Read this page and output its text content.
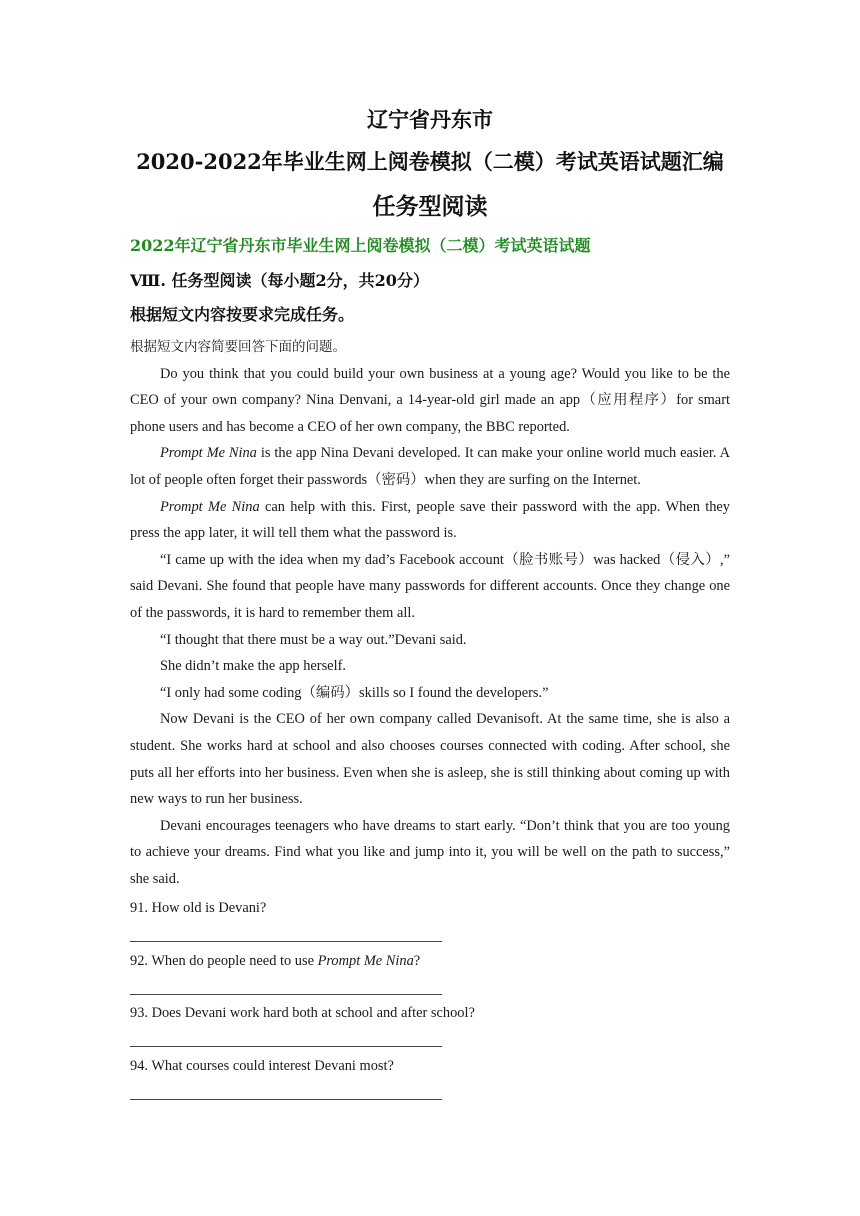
辽宁省丹东市
2020-2022年毕业生网上阅卷模拟（二模）考试英语试题汇编
任务型阅读
2022年辽宁省丹东市毕业生网上阅卷模拟（二模）考试英语试题
Ⅷ. 任务型阅读（每小题2分，共20分）
根据短文内容按要求完成任务。

根据短文内容简要回答下面的问题。

Do you think that you could build your own business at a young age? Would you like to be the CEO of your own company? Nina Denvani, a 14-year-old girl made an app（应用程序）for smart phone users and has become a CEO of her own company, the BBC reported.

Prompt Me Nina is the app Nina Devani developed. It can make your online world much easier. A lot of people often forget their passwords（密码）when they are surfing on the Internet.

Prompt Me Nina can help with this. First, people save their password with the app. When they press the app later, it will tell them what the password is.

“I came up with the idea when my dad’s Facebook account（脸书账号）was hacked（侵入）,” said Devani. She found that people have many passwords for different accounts. Once they change one of the passwords, it is hard to remember them all.

“I thought that there must be a way out.”Devani said.

She didn’t make the app herself.

“I only had some coding（编码）skills so I found the developers.”

Now Devani is the CEO of her own company called Devanisoft. At the same time, she is also a student. She works hard at school and also chooses courses connected with coding. After school, she puts all her efforts into her business. Even when she is asleep, she is still thinking about coming up with new ways to run her business.

Devani encourages teenagers who have dreams to start early. “Don’t think that you are too young to achieve your dreams. Find what you like and jump into it, you will be well on the path to success,” she said.

91. How old is Devani?
92. When do people need to use Prompt Me Nina?
93. Does Devani work hard both at school and after school?
94. What courses could interest Devani most?
